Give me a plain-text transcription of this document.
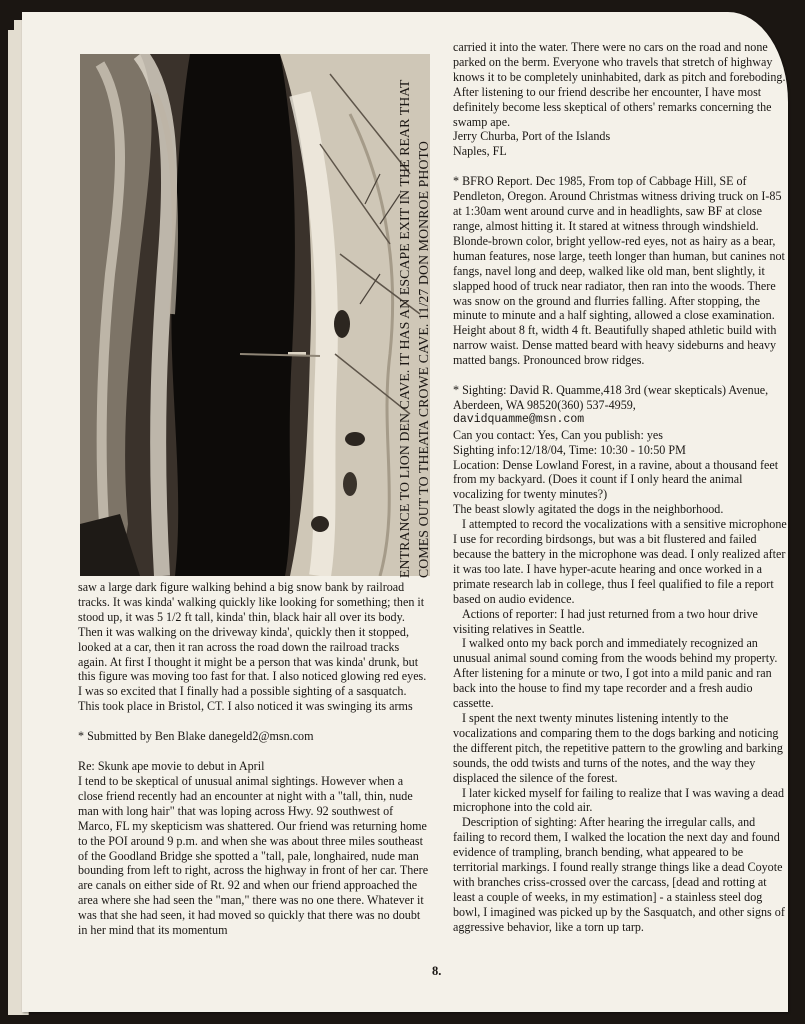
ENTRANCE TO LION DEN CAVE. IT HAS AN ESCAPE EXIT IN THE REAR THAT COMES OUT TO THEATA CROWE CAVE. 11/27 DON MONROE PHOTO

saw a large dark figure walking behind a big snow bank by railroad tracks. It was kinda' walking quickly like looking for something; then it stood up, it was 5 1/2 ft tall, kinda' thin, black hair all over its body. Then it was walking on the driveway kinda', quickly then it stopped, looked at a car, then it ran across the road down the railroad tracks again. At first I thought it might be a person that was kinda' drunk, but this figure was moving too fast for that. I also noticed glowing red eyes. I was so excited that I finally had a possible sighting of a sasquatch. This took place in Bristol, CT. I also noticed it was swinging its arms

* Submitted by Ben Blake danegeld2@msn.com

Re: Skunk ape movie to debut in April

I tend to be skeptical of unusual animal sightings. However when a close friend recently had an encounter at night with a "tall, thin, nude man with long hair" that was loping across Hwy. 92 southwest of Marco, FL my skepticism was shattered. Our friend was returning home to the POI around 9 p.m. and when she was about three miles southeast of the Goodland Bridge she spotted a "tall, pale, longhaired, nude man bounding from left to right, across the highway in front of her car. There are canals on either side of Rt. 92 and when our friend approached the area where she had seen the "man," there was no one there. Whatever it was that she had seen, it had moved so quickly that there was no doubt in her mind that its momentum

carried it into the water. There were no cars on the road and none parked on the berm. Everyone who travels that stretch of highway knows it to be completely uninhabited, dark as pitch and foreboding. After listening to our friend describe her encounter, I have most definitely become less skeptical of others' remarks concerning the swamp ape.

Jerry Churba, Port of the Islands

Naples, FL

* BFRO Report. Dec 1985, From top of Cabbage Hill, SE of Pendleton, Oregon. Around Christmas witness driving truck on I-85 at 1:30am went around curve and in headlights, saw BF at close range, almost hitting it. It stared at witness through windshield. Blonde-brown color, bright yellow-red eyes, not as hairy as a bear, human features, nose large, teeth longer than human, but canines not fangs, navel long and deep, walked like old man, bent slightly, it slapped hood of truck near radiator, then ran into the woods. There was snow on the ground and flurries falling. After stopping, the minute to minute and a half sighting, allowed a close examination. Height about 8 ft, width 4 ft. Beautifully shaped athletic build with narrow waist. Dense matted beard with heavy sideburns and heavy matted bangs. Pronounced brow ridges.

* Sighting: David R. Quamme,418 3rd (wear skepticals) Avenue, Aberdeen, WA 98520(360) 537-4959,

davidquamme@msn.com

Can you contact: Yes, Can you publish: yes

Sighting info:12/18/04, Time: 10:30 - 10:50 PM

Location: Dense Lowland Forest, in a ravine, about a thousand feet from my backyard. (Does it count if I only heard the animal vocalizing for twenty minutes?)

The beast slowly agitated the dogs in the neighborhood.

I attempted to record the vocalizations with a sensitive microphone I use for recording birdsongs, but was a bit flustered and failed because the battery in the microphone was dead. I only realized after it was too late. I have hyper-acute hearing and once worked in a primate research lab in college, thus I feel qualified to file a report based on audio evidence.

Actions of reporter: I had just returned from a two hour drive visiting relatives in Seattle.

I walked onto my back porch and immediately recognized an unusual animal sound coming from the woods behind my property. After listening for a minute or two, I got into a mild panic and ran back into the house to find my tape recorder and a fresh audio cassette.

I spent the next twenty minutes listening intently to the vocalizations and comparing them to the dogs barking and noticing the different pitch, the repetitive pattern to the growling and barking sounds, the odd twists and turns of the notes, and the way they displaced the silence of the forest.

I later kicked myself for failing to realize that I was waving a dead microphone into the cold air.

Description of sighting: After hearing the irregular calls, and failing to record them, I walked the location the next day and found evidence of trampling, branch bending, what appeared to be territorial markings. I found really strange things like a dead Coyote with branches criss-crossed over the carcass, [dead and rotting at least a couple of weeks, in my estimation] - a stainless steel dog bowl, I imagined was picked up by the Sasquatch, and other signs of aggressive behavior, like a torn up tarp.

8.
